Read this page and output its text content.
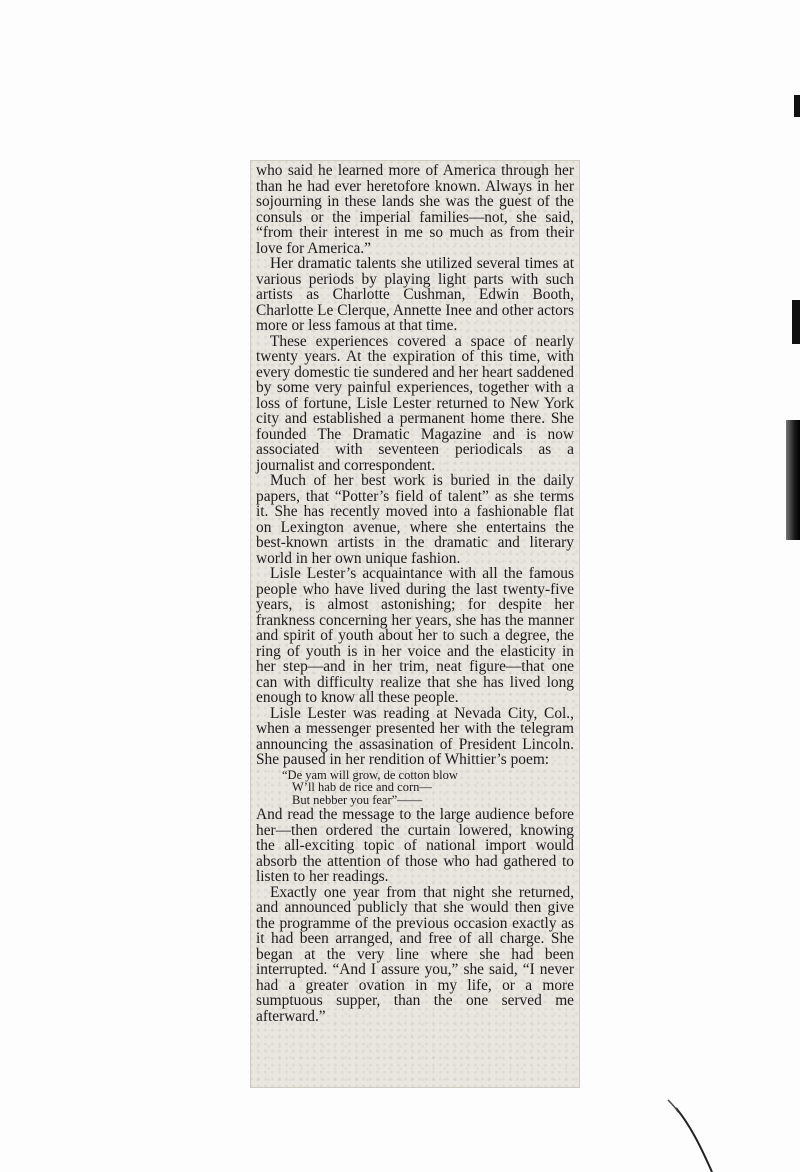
who said he learned more of America through her than he had ever heretofore known. Always in her sojourning in these lands she was the guest of the consuls or the imperial families—not, she said, “from their interest in me so much as from their love for America.”

Her dramatic talents she utilized several times at various periods by playing light parts with such artists as Charlotte Cushman, Edwin Booth, Charlotte Le Clerque, Annette Inee and other actors more or less famous at that time.

These experiences covered a space of nearly twenty years. At the expiration of this time, with every domestic tie sundered and her heart saddened by some very painful experiences, together with a loss of fortune, Lisle Lester returned to New York city and established a permanent home there. She founded The Dramatic Magazine and is now associated with seventeen periodicals as a journalist and correspondent.

Much of her best work is buried in the daily papers, that “Potter’s field of talent” as she terms it. She has recently moved into a fashionable flat on Lexington avenue, where she entertains the best-known artists in the dramatic and literary world in her own unique fashion.

Lisle Lester’s acquaintance with all the famous people who have lived during the last twenty-five years, is almost astonishing; for despite her frankness concerning her years, she has the manner and spirit of youth about her to such a degree, the ring of youth is in her voice and the elasticity in her step—and in her trim, neat figure—that one can with difficulty realize that she has lived long enough to know all these people.

Lisle Lester was reading at Nevada City, Col., when a messenger presented her with the telegram announcing the assasination of President Lincoln. She paused in her rendition of Whittier’s poem:

“De yam will grow, de cotton blow
W’ll hab de rice and corn—
But nebber you fear”——

And read the message to the large audience before her—then ordered the curtain lowered, knowing the all-exciting topic of national import would absorb the attention of those who had gathered to listen to her readings.

Exactly one year from that night she returned, and announced publicly that she would then give the programme of the previous occasion exactly as it had been arranged, and free of all charge. She began at the very line where she had been interrupted. “And I assure you,” she said, “I never had a greater ovation in my life, or a more sumptuous supper, than the one served me afterward.”
